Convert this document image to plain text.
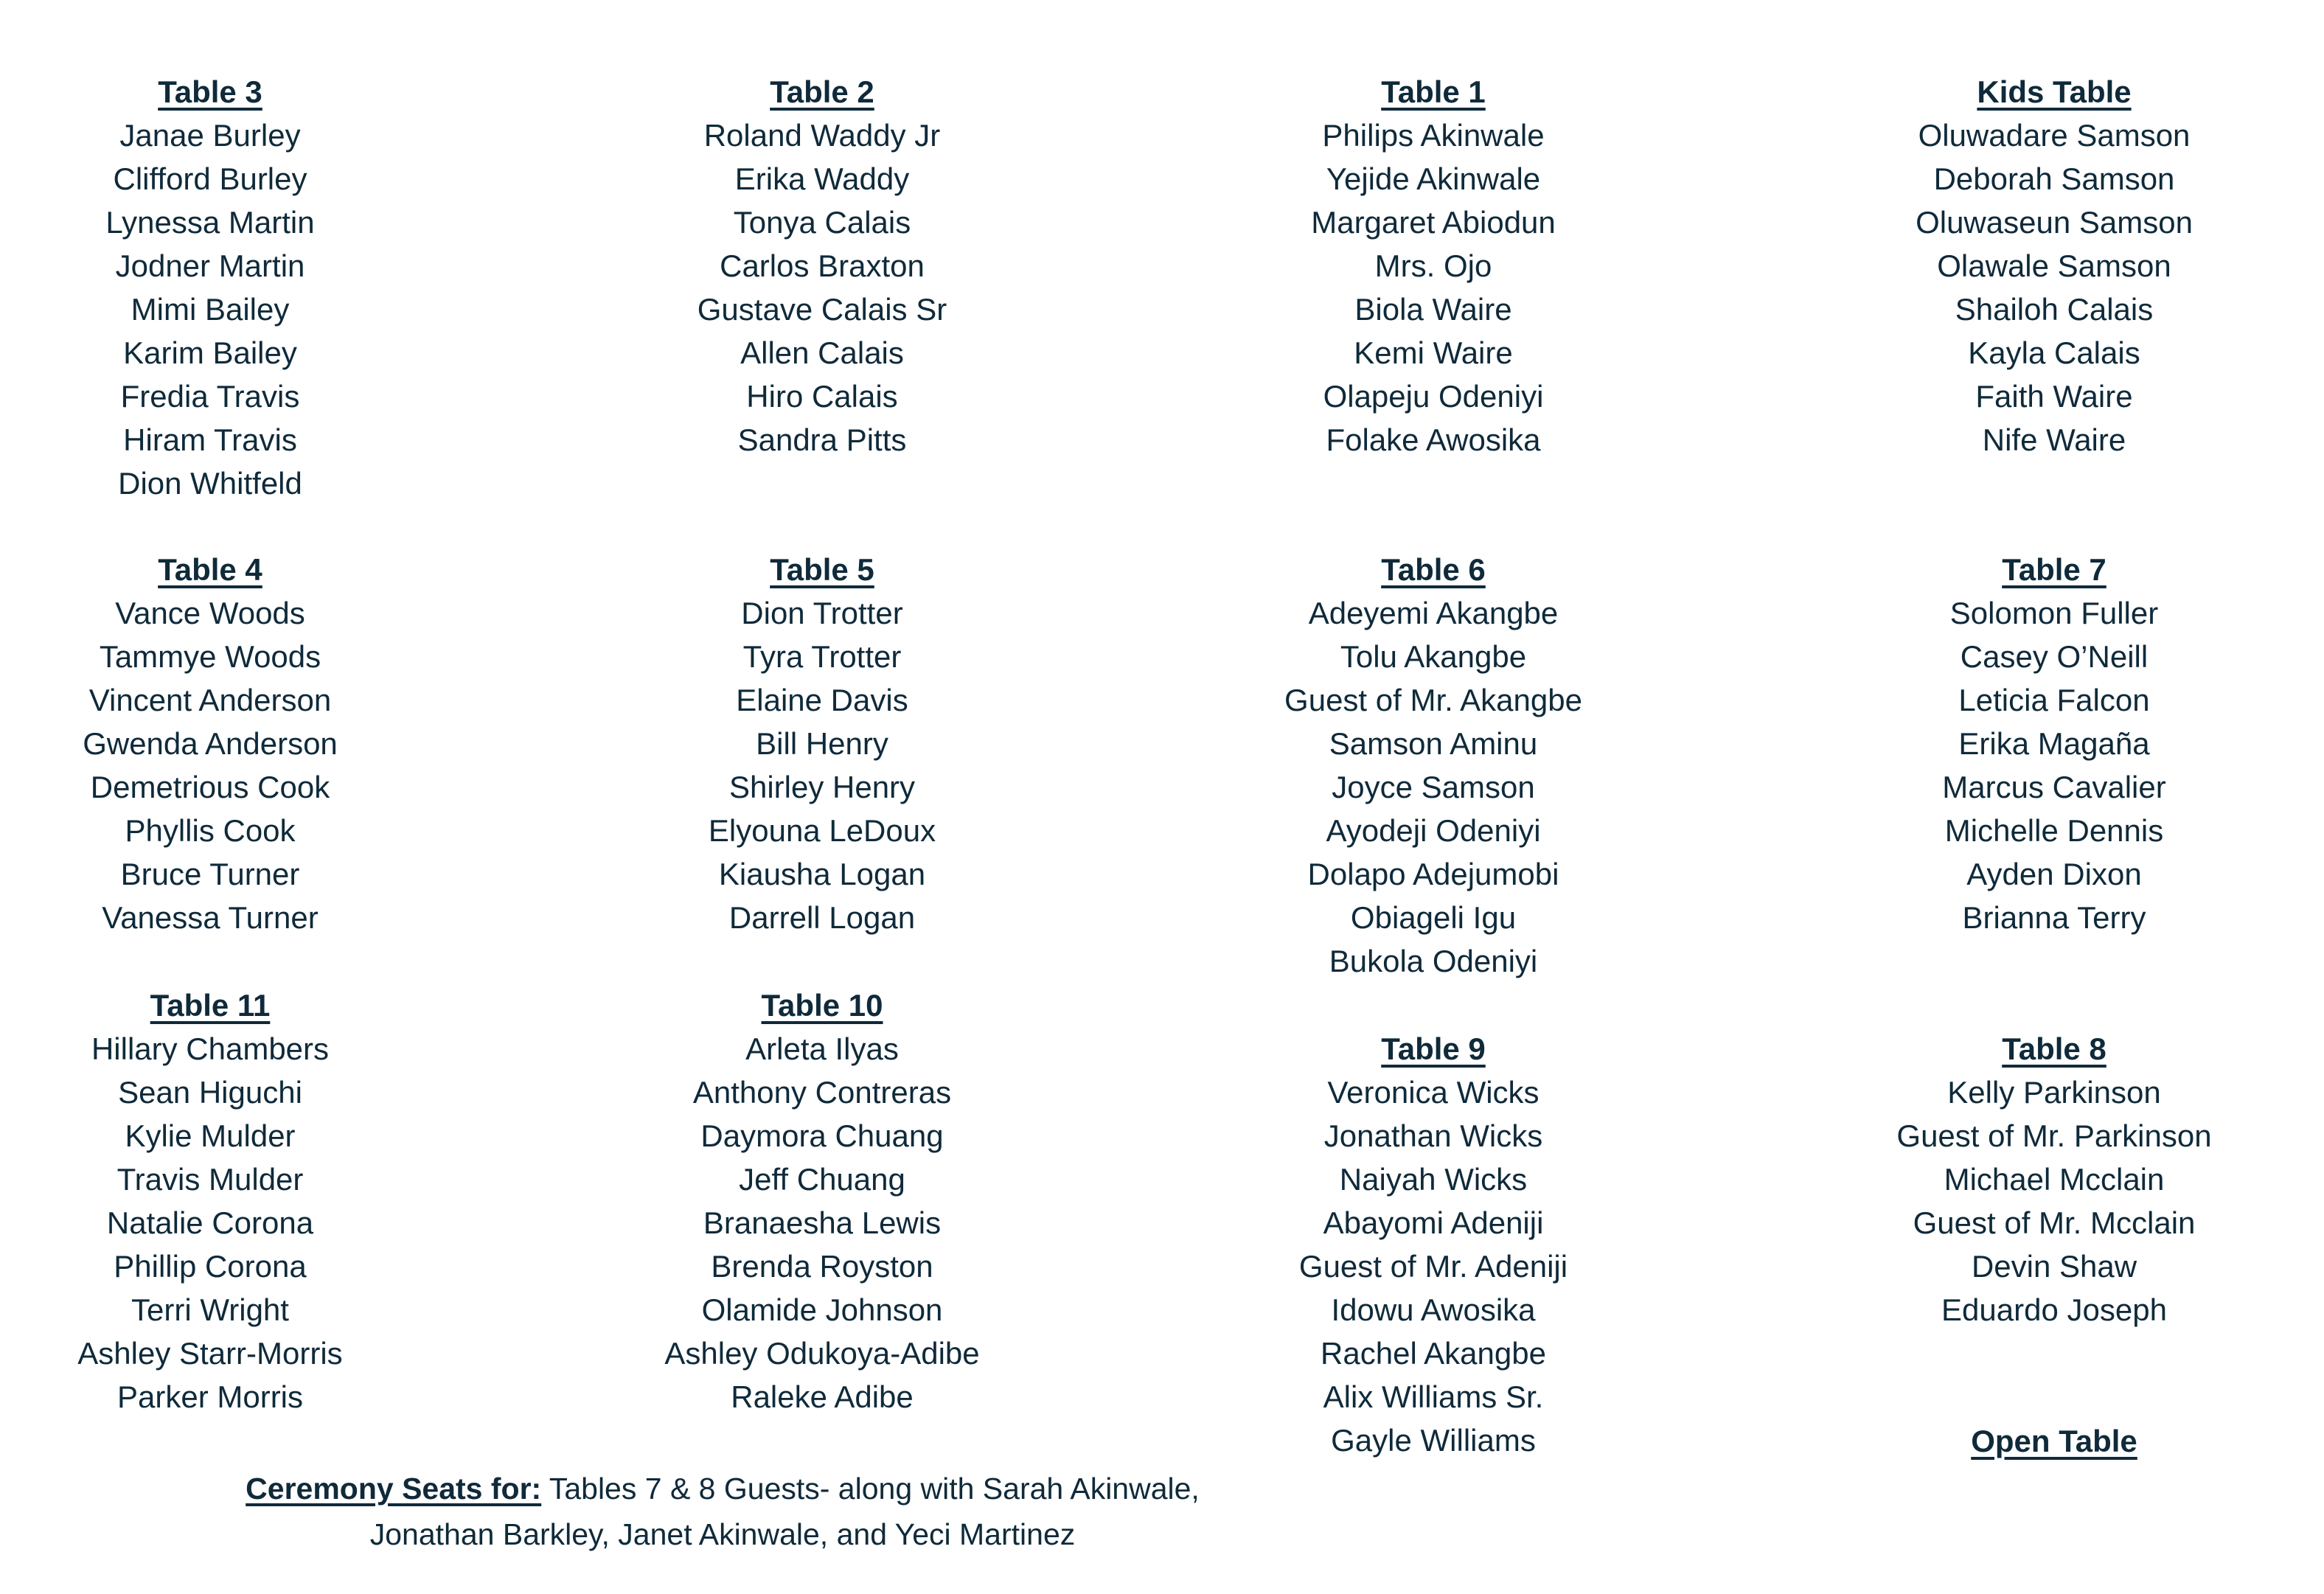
Table 3
Janae Burley
Clifford Burley
Lynessa Martin
Jodner Martin
Mimi Bailey
Karim Bailey
Fredia Travis
Hiram Travis
Dion Whitfeld
Table 2
Roland Waddy Jr
Erika Waddy
Tonya Calais
Carlos Braxton
Gustave Calais Sr
Allen Calais
Hiro Calais
Sandra Pitts
Table 1
Philips Akinwale
Yejide Akinwale
Margaret Abiodun
Mrs. Ojo
Biola Waire
Kemi Waire
Olapeju Odeniyi
Folake Awosika
Kids Table
Oluwadare Samson
Deborah Samson
Oluwaseun Samson
Olawale Samson
Shailoh Calais
Kayla Calais
Faith Waire
Nife Waire
Table 4
Vance Woods
Tammye Woods
Vincent Anderson
Gwenda Anderson
Demetrious Cook
Phyllis Cook
Bruce Turner
Vanessa Turner
Table 5
Dion Trotter
Tyra Trotter
Elaine Davis
Bill Henry
Shirley Henry
Elyouna LeDoux
Kiausha Logan
Darrell Logan
Table 6
Adeyemi Akangbe
Tolu Akangbe
Guest of Mr. Akangbe
Samson Aminu
Joyce Samson
Ayodeji Odeniyi
Dolapo Adejumobi
Obiageli Igu
Bukola Odeniyi
Table 7
Solomon Fuller
Casey O’Neill
Leticia Falcon
Erika Magaña
Marcus Cavalier
Michelle Dennis
Ayden Dixon
Brianna Terry
Table 11
Hillary Chambers
Sean Higuchi
Kylie Mulder
Travis Mulder
Natalie Corona
Phillip Corona
Terri Wright
Ashley Starr-Morris
Parker Morris
Table 10
Arleta Ilyas
Anthony Contreras
Daymora Chuang
Jeff Chuang
Branaesha Lewis
Brenda Royston
Olamide Johnson
Ashley Odukoya-Adibe
Raleke Adibe
Table 9
Veronica Wicks
Jonathan Wicks
Naiyah Wicks
Abayomi Adeniji
Guest of Mr. Adeniji
Idowu Awosika
Rachel Akangbe
Alix Williams Sr.
Gayle Williams
Table 8
Kelly Parkinson
Guest of Mr. Parkinson
Michael Mcclain
Guest of Mr. Mcclain
Devin Shaw
Eduardo Joseph
Open Table
Ceremony Seats for: Tables 7 & 8 Guests- along with Sarah Akinwale,
Jonathan Barkley, Janet Akinwale, and Yeci Martinez
